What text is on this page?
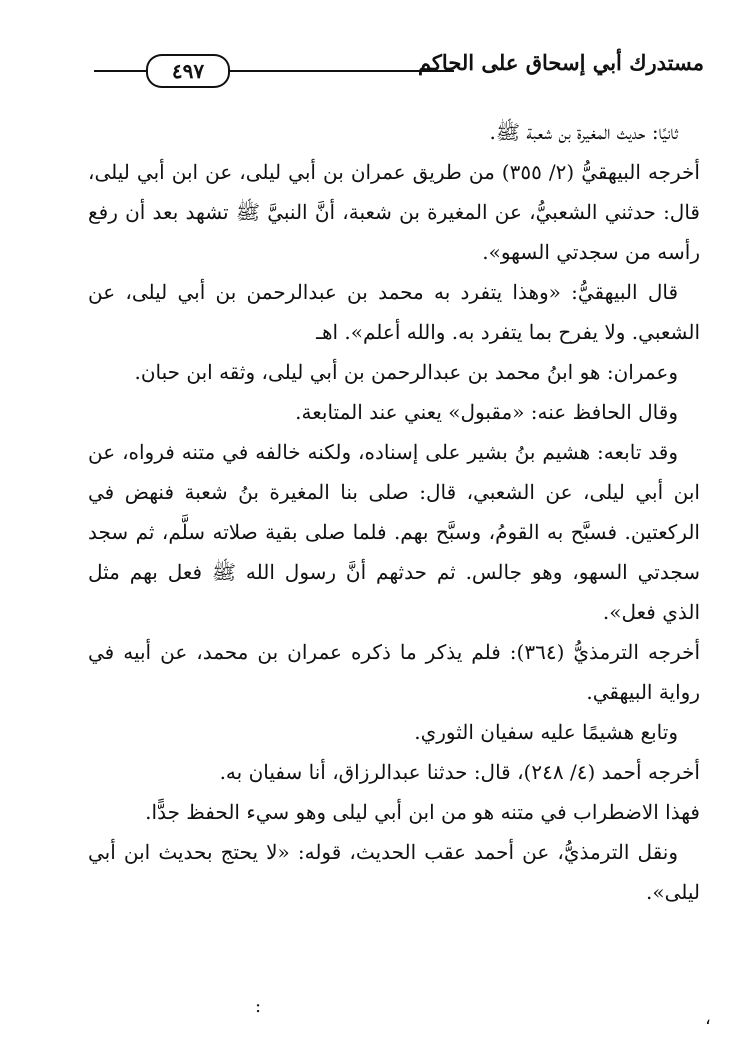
مستدرك أبي إسحاق على الحاكم
٤٩٧

ثانيًا: حديث المغيرة بن شعبة ﷺ.

أخرجه البيهقيُّ (٢/ ٣٥٥) من طريق عمران بن أبي ليلى، عن ابن أبي ليلى، قال: حدثني الشعبيُّ، عن المغيرة بن شعبة، أنَّ النبيَّ ﷺ تشهد بعد أن رفع رأسه من سجدتي السهو».

قال البيهقيُّ: «وهذا يتفرد به محمد بن عبدالرحمن بن أبي ليلى، عن الشعبي. ولا يفرح بما يتفرد به. والله أعلم». اهـ

وعمران: هو ابنُ محمد بن عبدالرحمن بن أبي ليلى، وثقه ابن حبان.

وقال الحافظ عنه: «مقبول» يعني عند المتابعة.

وقد تابعه: هشيم بنُ بشير على إسناده، ولكنه خالفه في متنه فرواه، عن ابن أبي ليلى، عن الشعبي، قال: صلى بنا المغيرة بنُ شعبة فنهض في الركعتين. فسبَّح به القومُ، وسبَّح بهم. فلما صلى بقية صلاته سلَّم، ثم سجد سجدتي السهو، وهو جالس. ثم حدثهم أنَّ رسول الله ﷺ فعل بهم مثل الذي فعل».

أخرجه الترمذيُّ (٣٦٤): فلم يذكر ما ذكره عمران بن محمد، عن أبيه في رواية البيهقي.

وتابع هشيمًا عليه سفيان الثوري.

أخرجه أحمد (٤/ ٢٤٨)، قال: حدثنا عبدالرزاق، أنا سفيان به.

فهذا الاضطراب في متنه هو من ابن أبي ليلى وهو سيء الحفظ جدًّا.

ونقل الترمذيُّ، عن أحمد عقب الحديث، قوله: «لا يحتج بحديث ابن أبي ليلى».

:
،
